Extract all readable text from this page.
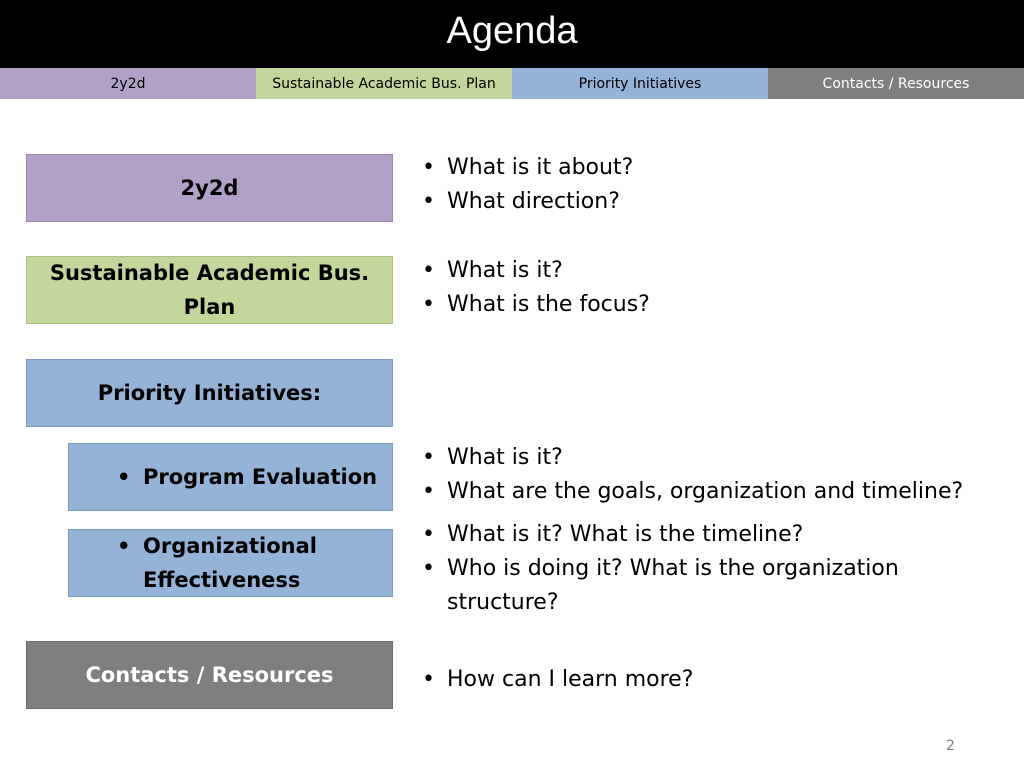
Agenda
2y2d	Sustainable Academic Bus. Plan	Priority Initiatives	Contacts / Resources
2y2d
Sustainable Academic Bus. Plan
Priority Initiatives:
• Program Evaluation
• Organizational Effectiveness
Contacts / Resources
• What is it about?
• What direction?
• What is it?
• What is the focus?
• What is it?
• What are the goals, organization and timeline?
• What is it? What is the timeline?
• Who is doing it? What is the organization structure?
• How can I learn more?
2
